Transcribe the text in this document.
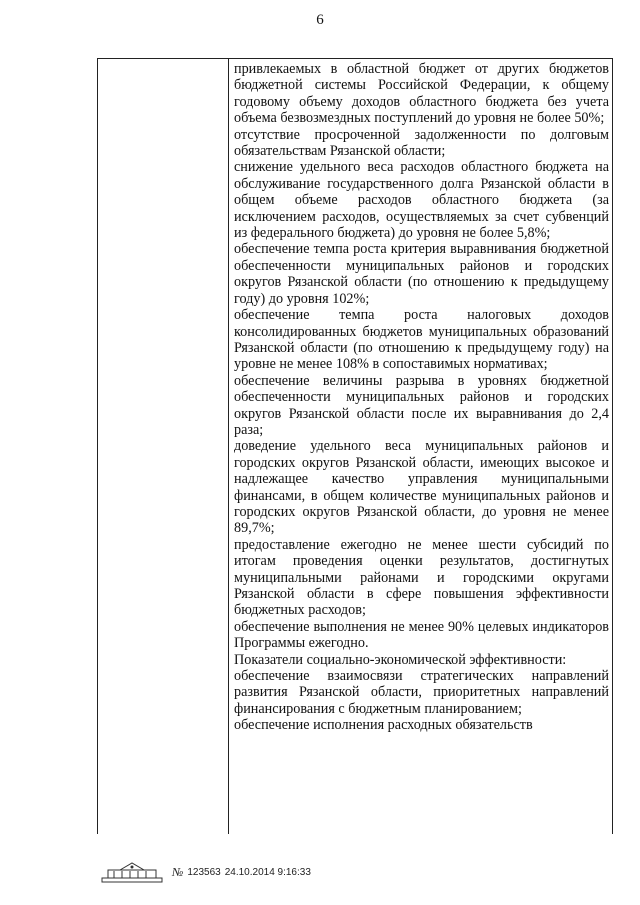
6

привлекаемых в областной бюджет от других бюджетов бюджетной системы Российской Федерации, к общему годовому объему доходов областного бюджета без учета объема безвозмездных поступлений до уровня не более 50%;

отсутствие просроченной задолженности по долговым обязательствам Рязанской области;

снижение удельного веса расходов областного бюджета на обслуживание государственного долга Рязанской области в общем объеме расходов областного бюджета (за исключением расходов, осуществляемых за счет субвенций из федерального бюджета) до уровня не более 5,8%;

обеспечение темпа роста критерия выравнивания бюджетной обеспеченности муниципальных районов и городских округов Рязанской области (по отношению к предыдущему году) до уровня 102%;

обеспечение темпа роста налоговых доходов консолидированных бюджетов муниципальных образований Рязанской области (по отношению к предыдущему году) на уровне не менее 108% в сопоставимых нормативах;

обеспечение величины разрыва в уровнях бюджетной обеспеченности муниципальных районов и городских округов Рязанской области после их выравнивания до 2,4 раза;

доведение удельного веса муниципальных районов и городских округов Рязанской области, имеющих высокое и надлежащее качество управления муниципальными финансами, в общем количестве муниципальных районов и городских округов Рязанской области, до уровня не менее 89,7%;

предоставление ежегодно не менее шести субсидий по итогам проведения оценки результатов, достигнутых муниципальными районами и городскими округами Рязанской области в сфере повышения эффективности бюджетных расходов;

обеспечение выполнения не менее 90% целевых индикаторов Программы ежегодно.

Показатели социально-экономической эффективности:

обеспечение взаимосвязи стратегических направлений развития Рязанской области, приоритетных направлений финансирования с бюджетным планированием;

обеспечение исполнения расходных обязательств

№ 123563 24.10.2014 9:16:33
